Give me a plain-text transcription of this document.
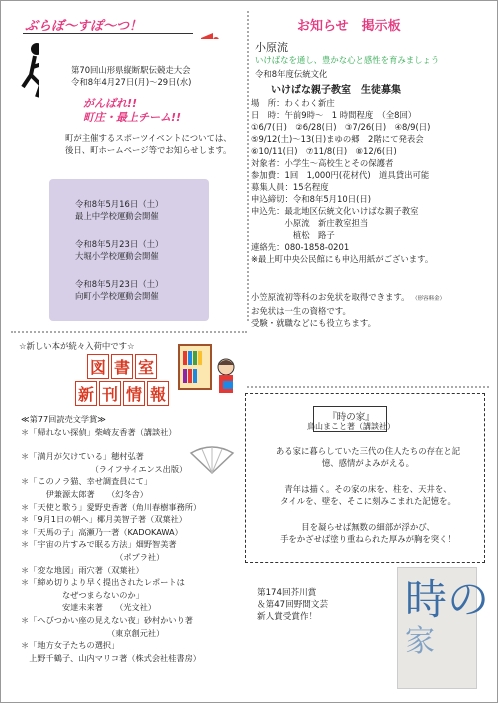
ぶらぼ〜すぽ〜つ！
第70回山形県縦断駅伝競走大会
令和8年4月27日(月)〜29日(水)
がんばれ!!
町庄・最上チーム!!
町が主催するスポーツイベントについては、
後日、町ホームページ等でお知らせします。
令和8年5月16日（土）
最上中学校運動会開催
令和8年5月23日（土）
大堀小学校運動会開催
令和8年5月23日（土）
向町小学校運動会開催
お知らせ　掲示板
小原流
いけばなを通し、豊かな心と感性を育みましょう
令和8年度伝統文化
いけばな親子教室　生徒募集
場　所：わくわく新庄
日　時：午前9時〜　1 時間程度　（全8回）
①6/7(日)　②6/28(日)　③7/26(日)　④8/9(日)
⑤9/12(土)〜13(日)まゆの郷　2階にて発表会
⑥10/11(日)　⑦11/8(日)　⑧12/6(日)
対象者：小学生〜高校生とその保護者
参加費：1回　1,000円(花材代)　道具貸出可能
募集人員：15名程度
申込締切：令和8年5月10日(日)
申込先：最北地区伝統文化いけばな親子教室
　　　　小原流　新庄教室担当
　　　　　植松　路子
連絡先：080-1858-0201
※最上町中央公民館にも申込用紙がございます。
小笠原流初等科のお免状を取得できます。 （形容料金）
お免状は一生の資格です。
受験・就職などにも役立ちます。
☆新しい本が続々入荷中です☆
図 書 室
新 刊 情 報
≪第77回読売文学賞≫
＊「帰れない探偵」柴崎友香著（講談社）
＊「満月が欠けている」穂村弘著
　　　　　　　　　（ライフサイエンス出版）
＊「このノラ猫、幸せ調査員にて」
　　　伊兼源太郎著　　（幻冬舎）
＊「天使と歌う」愛野史香著（角川春樹事務所）
＊「9月1日の朝へ」椰月美智子著（双葉社）
＊「天馬の子」高瀬乃一著（KADOKAWA）
＊「宇宙の片すみで眠る方法」畑野智美著
　　　　　　　　　　　　（ポプラ社）
＊「変な地図」雨穴著（双葉社）
＊「締め切りより早く提出されたレポートは
　　　　　なぜつまらないのか」
　　　　　安達未来著　　（光文社）
＊「へびつかい座の見えない夜」砂村かいり著
　　　　　　　　　　　（東京創元社）
＊「地方女子たちの選択」
　上野千鶴子、山内マリコ著（株式会社桂書房）
『時の家』
鳥山まこと著（講談社）
ある家に暮らしていた三代の住人たちの存在と記
憶、感情がよみがえる。
青年は描く。その家の床を、柱を、天井を、
タイルを、壁を、そこに刻みこまれた記憶を。
目を凝らせば無数の細部が浮かび、
手をかざせば塗り重ねられた厚みが胸を突く！
第174回芥川賞
＆第47回野間文芸
新人賞受賞作！ 時の
家
